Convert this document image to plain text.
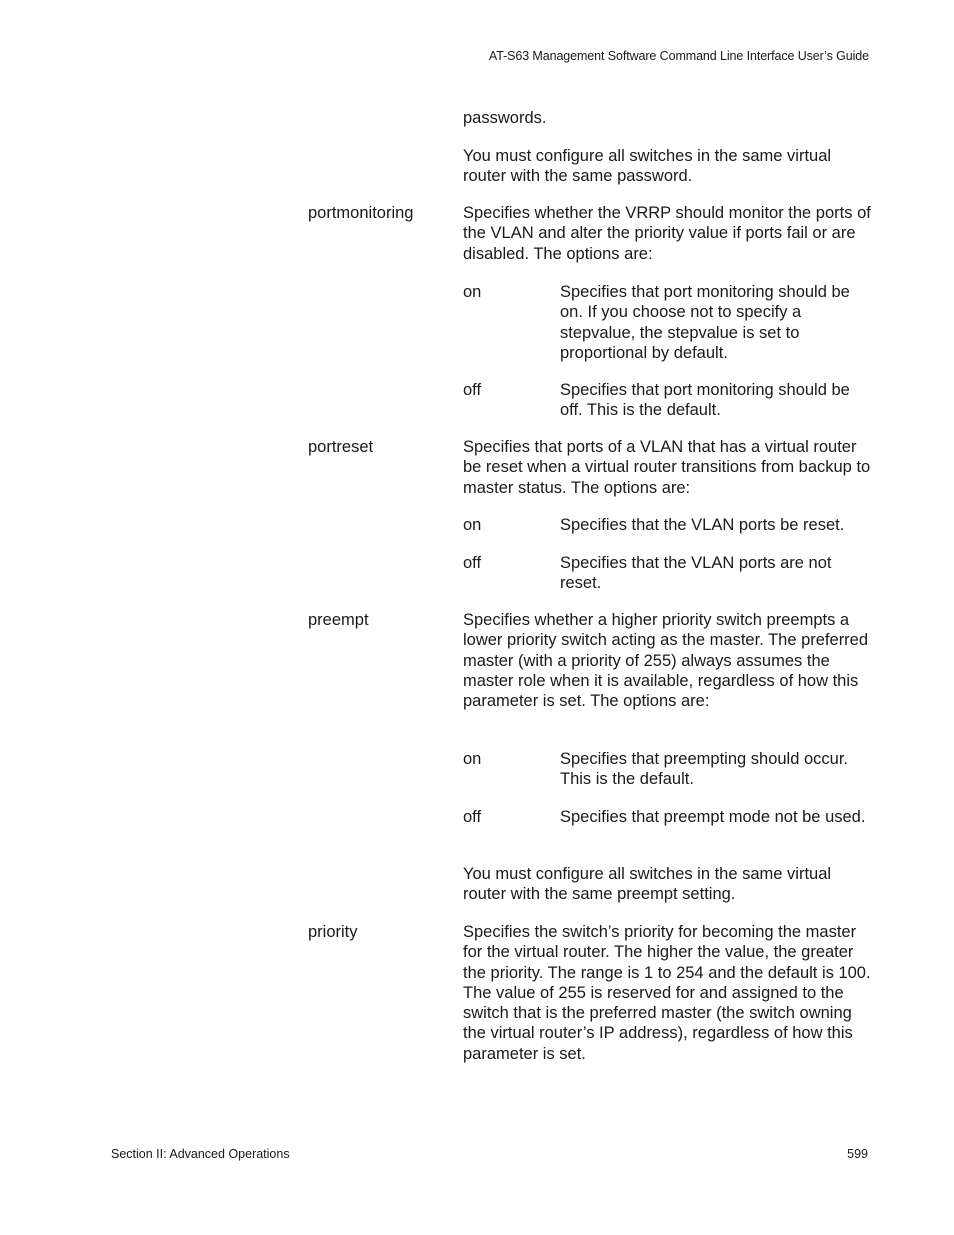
AT-S63 Management Software Command Line Interface User’s Guide

passwords.

You must configure all switches in the same virtual router with the same password.

portmonitoring	Specifies whether the VRRP should monitor the ports of the VLAN and alter the priority value if ports fail or are disabled. The options are:

on	Specifies that port monitoring should be on. If you choose not to specify a stepvalue, the stepvalue is set to proportional by default.

off	Specifies that port monitoring should be off. This is the default.

portreset	Specifies that ports of a VLAN that has a virtual router be reset when a virtual router transitions from backup to master status. The options are:

on	Specifies that the VLAN ports be reset.

off	Specifies that the VLAN ports are not reset.

preempt	Specifies whether a higher priority switch preempts a lower priority switch acting as the master. The preferred master (with a priority of 255) always assumes the master role when it is available, regardless of how this parameter is set. The options are:

on	Specifies that preempting should occur. This is the default.

off	Specifies that preempt mode not be used.

You must configure all switches in the same virtual router with the same preempt setting.

priority	Specifies the switch’s priority for becoming the master for the virtual router. The higher the value, the greater the priority. The range is 1 to 254 and the default is 100. The value of 255 is reserved for and assigned to the switch that is the preferred master (the switch owning the virtual router’s IP address), regardless of how this parameter is set.

Section II: Advanced Operations	599
